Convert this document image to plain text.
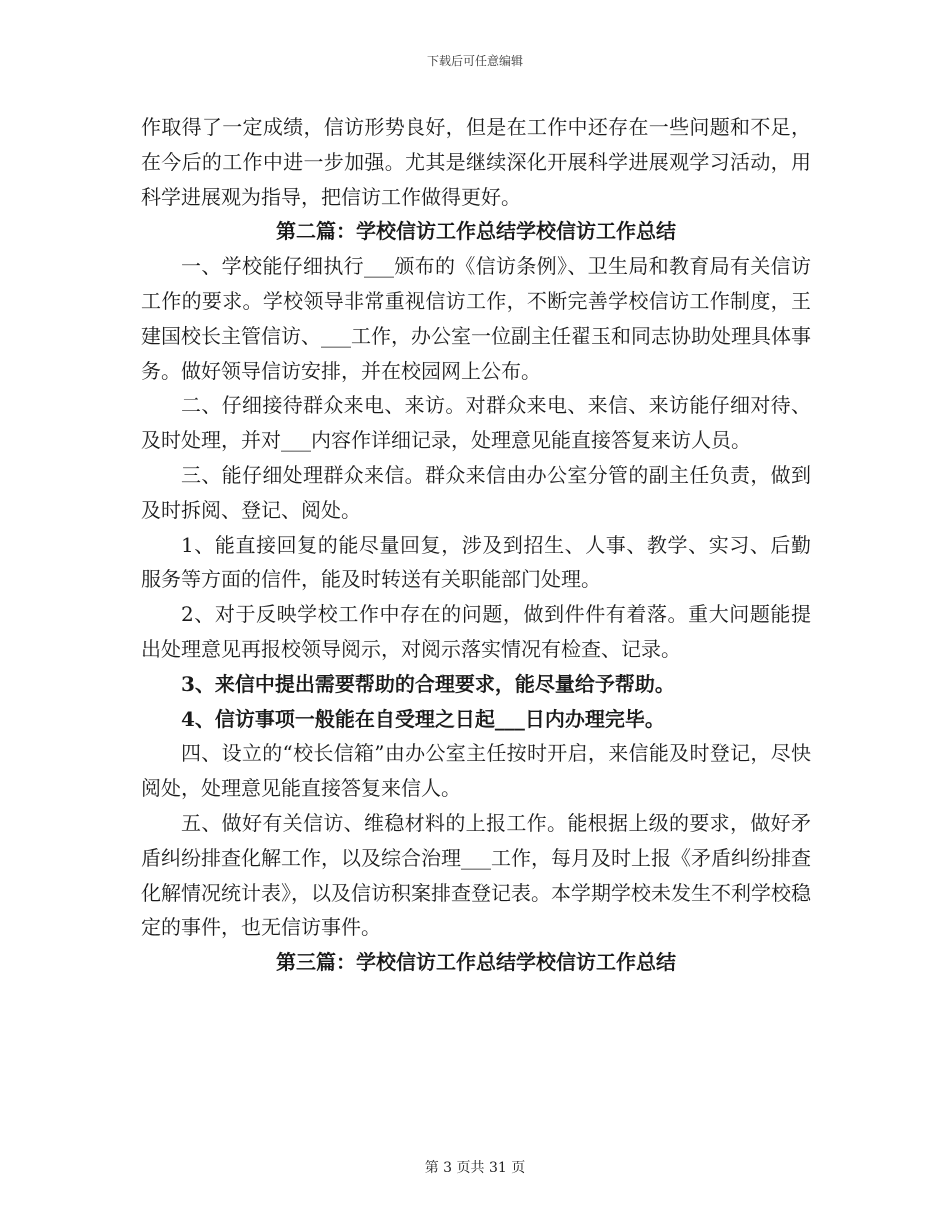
下载后可任意编辑

作取得了一定成绩，信访形势良好，但是在工作中还存在一些问题和不足，在今后的工作中进一步加强。尤其是继续深化开展科学进展观学习活动，用科学进展观为指导，把信访工作做得更好。

第二篇：学校信访工作总结学校信访工作总结

一、学校能仔细执行___颁布的《信访条例》、卫生局和教育局有关信访工作的要求。学校领导非常重视信访工作，不断完善学校信访工作制度，王建国校长主管信访、___工作，办公室一位副主任翟玉和同志协助处理具体事务。做好领导信访安排，并在校园网上公布。

二、仔细接待群众来电、来访。对群众来电、来信、来访能仔细对待、及时处理，并对___内容作详细记录，处理意见能直接答复来访人员。

三、能仔细处理群众来信。群众来信由办公室分管的副主任负责，做到及时拆阅、登记、阅处。

1、能直接回复的能尽量回复，涉及到招生、人事、教学、实习、后勤服务等方面的信件，能及时转送有关职能部门处理。

2、对于反映学校工作中存在的问题，做到件件有着落。重大问题能提出处理意见再报校领导阅示，对阅示落实情况有检查、记录。

3、来信中提出需要帮助的合理要求，能尽量给予帮助。

4、信访事项一般能在自受理之日起___日内办理完毕。

四、设立的“校长信箱”由办公室主任按时开启，来信能及时登记，尽快阅处，处理意见能直接答复来信人。

五、做好有关信访、维稳材料的上报工作。能根据上级的要求，做好矛盾纠纷排查化解工作，以及综合治理___工作，每月及时上报《矛盾纠纷排查化解情况统计表》，以及信访积案排查登记表。本学期学校未发生不利学校稳定的事件，也无信访事件。

第三篇：学校信访工作总结学校信访工作总结

第 3 页共 31 页
